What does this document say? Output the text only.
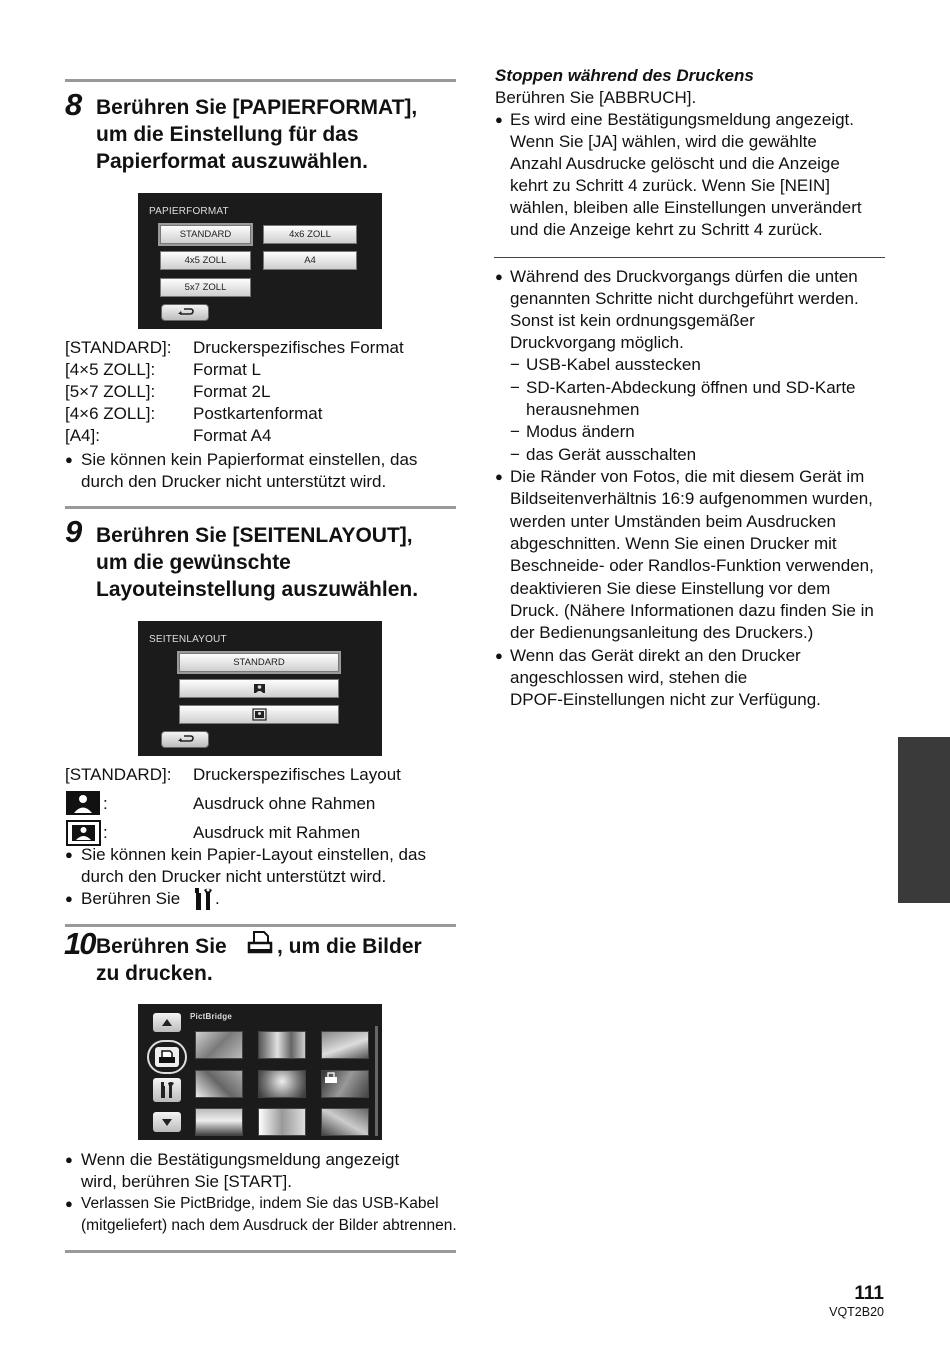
8 Berühren Sie [PAPIERFORMAT],
um die Einstellung für das
Papierformat auszuwählen.
PAPIERFORMAT
STANDARD	4x6 ZOLL
4x5 ZOLL	A4
5x7 ZOLL
[STANDARD]: Druckerspezifisches Format
[4×5 ZOLL]: Format L
[5×7 ZOLL]: Format 2L
[4×6 ZOLL]: Postkartenformat
[A4]:	Format A4
● Sie können kein Papierformat einstellen, das
durch den Drucker nicht unterstützt wird.
9 Berühren Sie [SEITENLAYOUT],
um die gewünschte
Layouteinstellung auszuwählen.
SEITENLAYOUT
STANDARD
[STANDARD]: Druckerspezifisches Layout
:	Ausdruck ohne Rahmen
:	Ausdruck mit Rahmen
● Sie können kein Papier-Layout einstellen, das
durch den Drucker nicht unterstützt wird.
● Berühren Sie .
10 Berühren Sie , um die Bilder
zu drucken.
PictBridge
● Wenn die Bestätigungsmeldung angezeigt
wird, berühren Sie [START].
● Verlassen Sie PictBridge, indem Sie das USB-Kabel
(mitgeliefert) nach dem Ausdruck der Bilder abtrennen.
Stoppen während des Druckens
Berühren Sie [ABBRUCH].
● Es wird eine Bestätigungsmeldung angezeigt.
Wenn Sie [JA] wählen, wird die gewählte
Anzahl Ausdrucke gelöscht und die Anzeige
kehrt zu Schritt 4 zurück. Wenn Sie [NEIN]
wählen, bleiben alle Einstellungen unverändert
und die Anzeige kehrt zu Schritt 4 zurück.
● Während des Druckvorgangs dürfen die unten
genannten Schritte nicht durchgeführt werden.
Sonst ist kein ordnungsgemäßer
Druckvorgang möglich.
− USB-Kabel ausstecken
− SD-Karten-Abdeckung öffnen und SD-Karte
herausnehmen
− Modus ändern
− das Gerät ausschalten
● Die Ränder von Fotos, die mit diesem Gerät im
Bildseitenverhältnis 16:9 aufgenommen wurden,
werden unter Umständen beim Ausdrucken
abgeschnitten. Wenn Sie einen Drucker mit
Beschneide- oder Randlos-Funktion verwenden,
deaktivieren Sie diese Einstellung vor dem
Druck. (Nähere Informationen dazu finden Sie in
der Bedienungsanleitung des Druckers.)
● Wenn das Gerät direkt an den Drucker
angeschlossen wird, stehen die
DPOF-Einstellungen nicht zur Verfügung.
111
VQT2B20
